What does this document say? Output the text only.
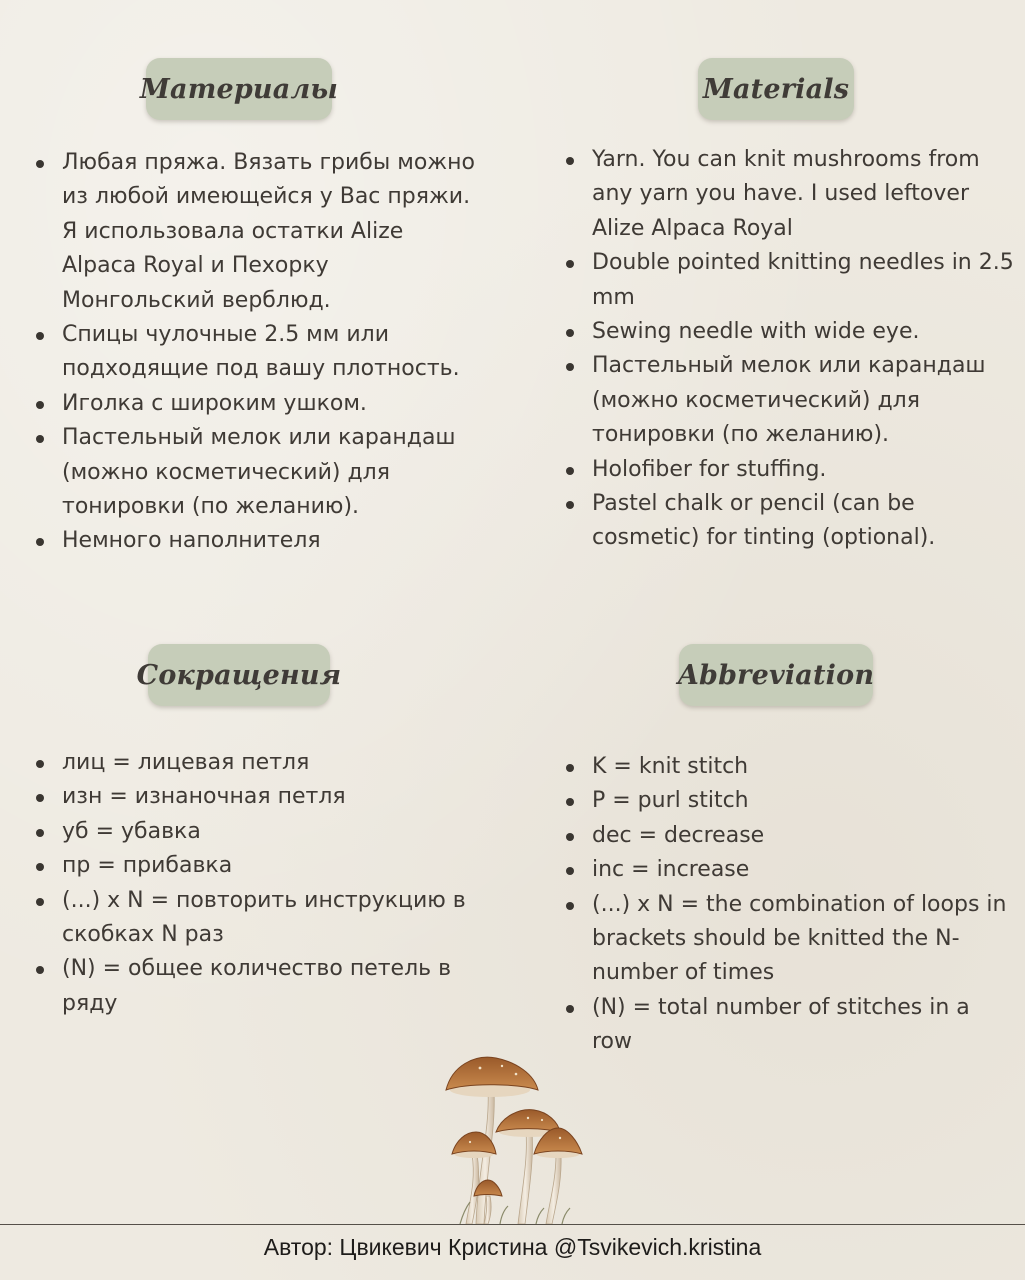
Материалы
Любая пряжа. Вязать грибы можно из любой имеющейся у Вас пряжи. Я использовала остатки Alize Alpaca Royal и Пехорку Монгольский верблюд.
Спицы чулочные 2.5 мм или подходящие под вашу плотность.
Иголка с широким ушком.
Пастельный мелок или карандаш (можно косметический) для тонировки (по желанию).
Немного наполнителя
Materials
Yarn. You can knit mushrooms from any yarn you have. I used leftover Alize Alpaca Royal
Double pointed knitting needles in 2.5 mm
Sewing needle with wide eye.
Пастельный мелок или карандаш (можно косметический) для тонировки (по желанию).
Holofiber for stuffing.
Pastel chalk or pencil (can be cosmetic) for tinting (optional).
Сокращения
лиц = лицевая петля
изн = изнаночная петля
уб = убавка
пр = прибавка
(...) x N = повторить инструкцию в скобках N раз
(N) = общее количество петель в ряду
Abbreviation
K = knit stitch
P = purl stitch
dec = decrease
inc = increase
(...) x N = the combination of loops in brackets should be knitted the N-number of times
(N) = total number of stitches in a row
Автор: Цвикевич Кристина @Tsvikevich.kristina
